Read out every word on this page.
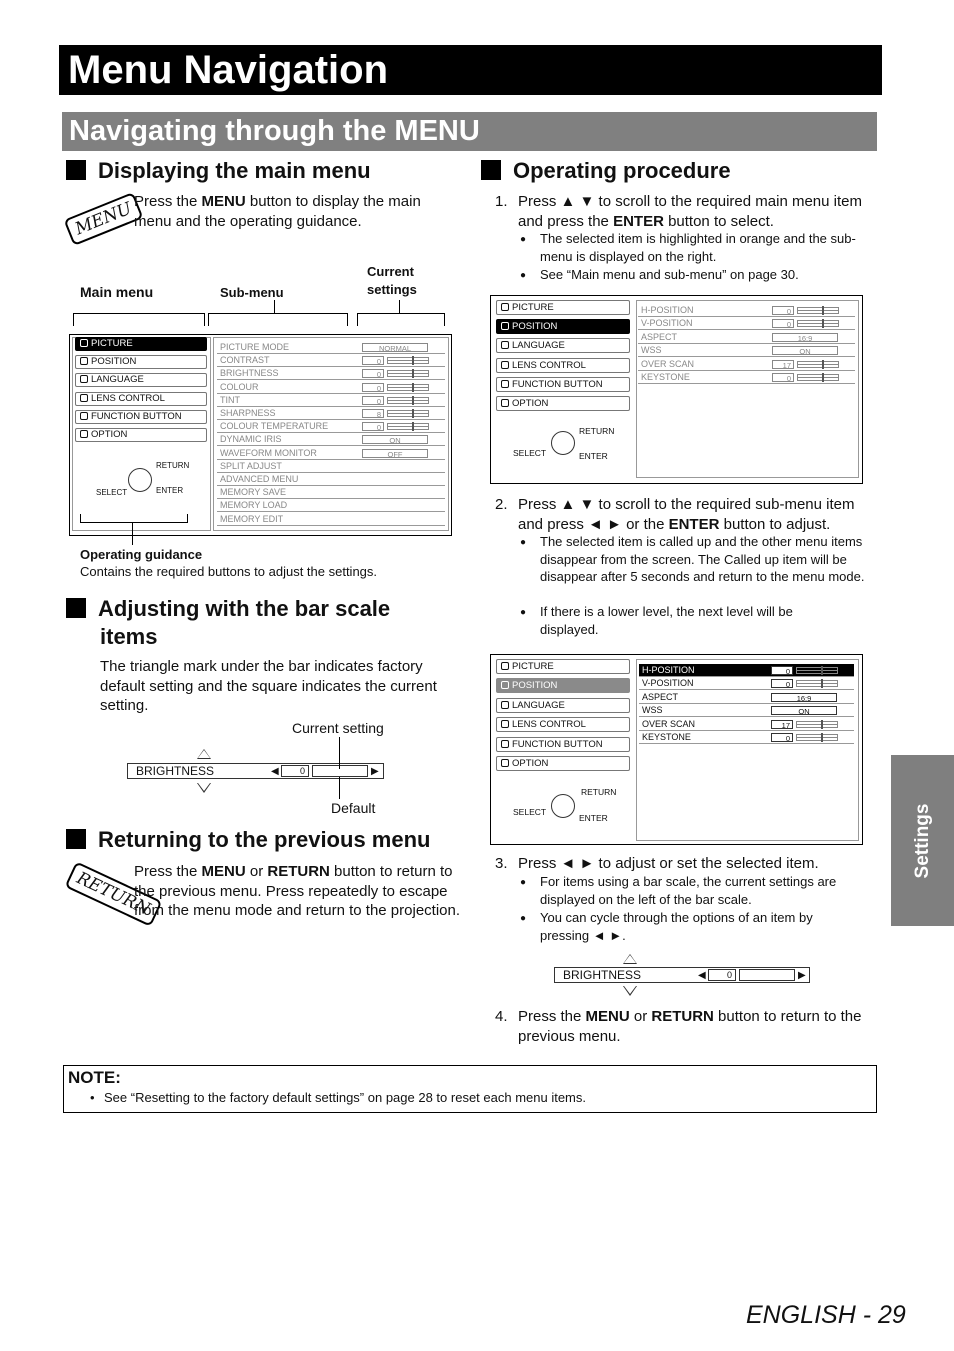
Menu Navigation
Navigating through the MENU
Displaying the main menu
MENU Press the MENU button to display the main menu and the operating guidance.
Main menu	Sub-menu
Current
settings
PICTURE
POSITION
LANGUAGE
LENS CONTROL
FUNCTION BUTTON
OPTION
PICTURE MODE	NORMAL
CONTRAST	0
BRIGHTNESS	0
COLOUR	0
TINT	0
SHARPNESS	8
COLOUR TEMPERATURE	0
DYNAMIC IRIS	ON
WAVEFORM MONITOR	OFF
SPLIT ADJUST
ADVANCED MENU
MEMORY SAVE
MEMORY LOAD
MEMORY EDIT
RETURN
SELECT	ENTER
Operating guidance
Contains the required buttons to adjust the settings.
Adjusting with the bar scale
items
The triangle mark under the bar indicates factory default setting and the square indicates the current setting.
Current setting
BRIGHTNESS	◀	0	▶
Default
Returning to the previous menu
RETURN
Press the MENU or RETURN button to return to the previous menu. Press repeatedly to escape from the menu mode and return to the projection.
Operating procedure
1. Press ▲ ▼ to scroll to the required main menu item and press the ENTER button to select.
● The selected item is highlighted in orange and the sub-menu is displayed on the right.
● See “Main menu and sub-menu” on page 30.
PICTURE
POSITION
LANGUAGE
LENS CONTROL
FUNCTION BUTTON
OPTION
H-POSITION	0
V-POSITION	0
ASPECT	16:9
WSS	ON
OVER SCAN	17
KEYSTONE	0
RETURN
SELECT	ENTER
2. Press ▲ ▼ to scroll to the required sub-menu item and press ◄ ► or the ENTER button to adjust.
● The selected item is called up and the other menu items disappear from the screen. The Called up item will be disappear after 5 seconds and return to the menu mode.
● If there is a lower level, the next level will be displayed.
PICTURE
POSITION
LANGUAGE
LENS CONTROL
FUNCTION BUTTON
OPTION
H-POSITION	0
V-POSITION	0
ASPECT	16:9
WSS	ON
OVER SCAN	17
KEYSTONE	0
RETURN
SELECT
ENTER
3. Press ◄ ► to adjust or set the selected item.
● For items using a bar scale, the current settings are displayed on the left of the bar scale.
● You can cycle through the options of an item by pressing ◄ ►.
BRIGHTNESS	◀	0	▶
4. Press the MENU or RETURN button to return to the previous menu.
Settings
NOTE:
• See “Resetting to the factory default settings” on page 28 to reset each menu items.
ENGLISH - 29
